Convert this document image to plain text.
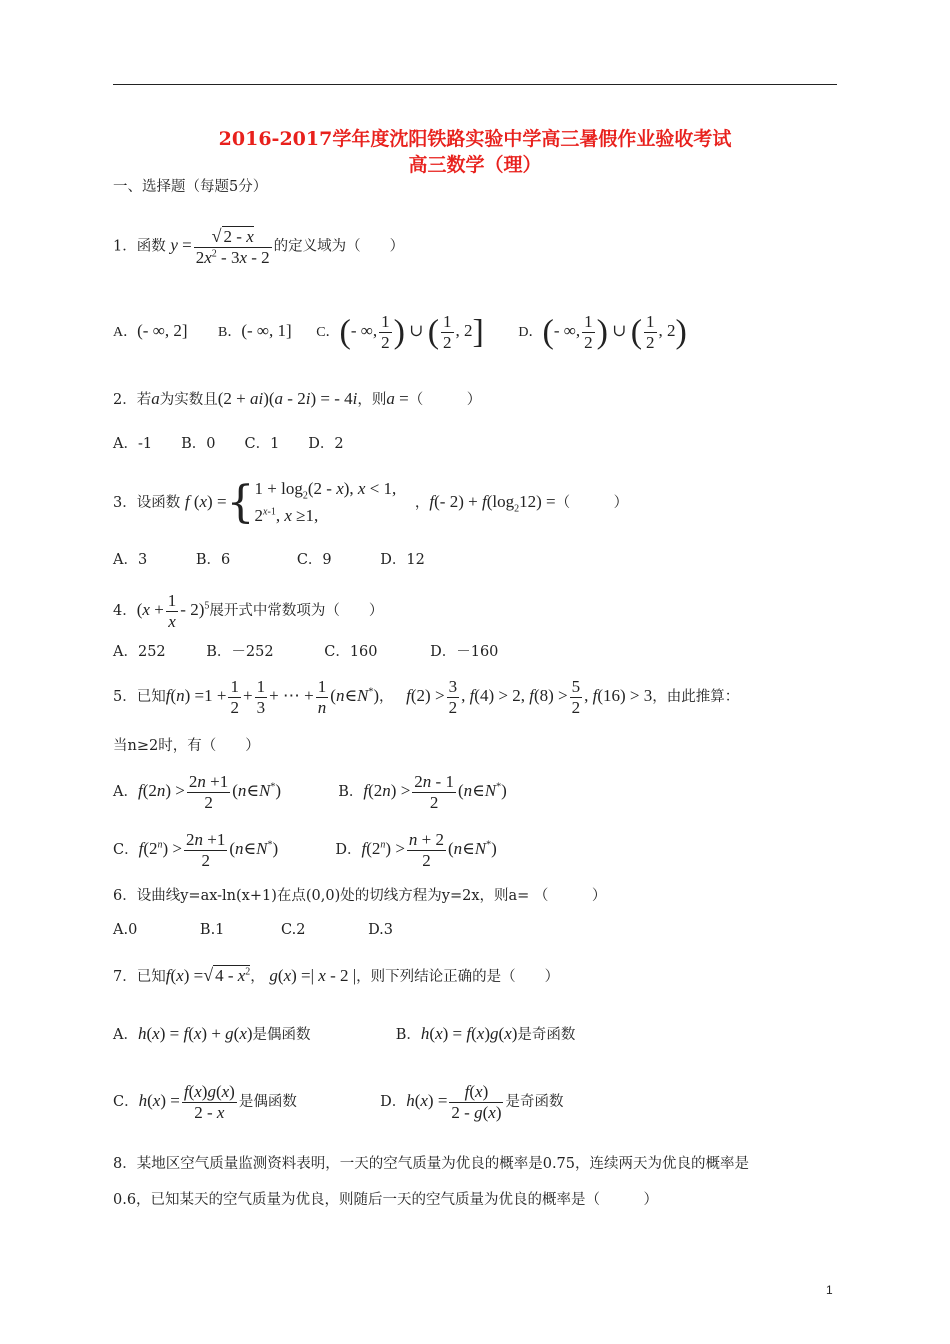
2016-2017学年度沈阳铁路实验中学高三暑假作业验收考试
高三数学（理）
一、选择题（每题5分）
1．函数 $y = \frac{√ 2 - x}{2x^2 - 3x - 2}$ 的定义域为（　　）
A．(- ∞, 2] B．(- ∞, 1] C．(- ∞, $\frac{1}{2}$ ) ∪ ( $\frac{1}{2}$ , 2] D．(- ∞, $\frac{1}{2}$ ) ∪ ( $\frac{1}{2}$ , 2)
2．若a为实数且(2 + ai)(a - 2i) = - 4i，则a =（　　　）
A．-1　　B．0　　C．1　　D．2
3．设函数 f (x) ={ $1 + \log_2(2 - x)$, x < 1,
2$^{x-1}$, x ≥1,
，f(- $2) + f(\log_212)$ =（　　　）
A．3	B．6	C．9	D．12
4．$(x + \frac{1}{x} - 2)^5$展开式中常数项为（　　）
A．252	B．－252	C．160	D．－160
5．已知$f(n) =1 + \frac{1}{2} + \frac{1}{3}$ + ⋯ + $\frac{1}{n}$ (n∈N*)， $f(2) > \frac{3}{2}$ , f(4) > 2, $f(8) > \frac{5}{2}$ , f(16) > 3，由此推算：
当n≥2时，有（　　）
A．$f(2n) > \frac{2n +1}{2}$ (n∈N*)	B．$f(2n) > \frac{2n - 1}{2}$ (n∈N*)
C．$f(2^n) > \frac{2n +1}{2}$ (n∈N*)	D．$f(2^n) > \frac{n + 2}{2}$ (n∈N*)
6．设曲线y=ax-ln(x+1)在点(0,0)处的切线方程为y=2x，则a= （　　　）
A.0	B.1	C.2	D.3
7．已知f(x) =√ $4 - x^2$， g(x) =| x - 2 |，则下列结论正确的是（　　）
A．h(x) = f(x) + g(x)是偶函数	B．h(x) = f(x)g(x)是奇函数
C．$h(x) = \frac{f(x)g(x)}{2 - x}$ 是偶函数	D．$h(x) = \frac{f(x)}{2 - g(x)}$ 是奇函数
8．某地区空气质量监测资料表明，一天的空气质量为优良的概率是0.75，连续两天为优良的概率是
0.6，已知某天的空气质量为优良，则随后一天的空气质量为优良的概率是（　　　）
1
